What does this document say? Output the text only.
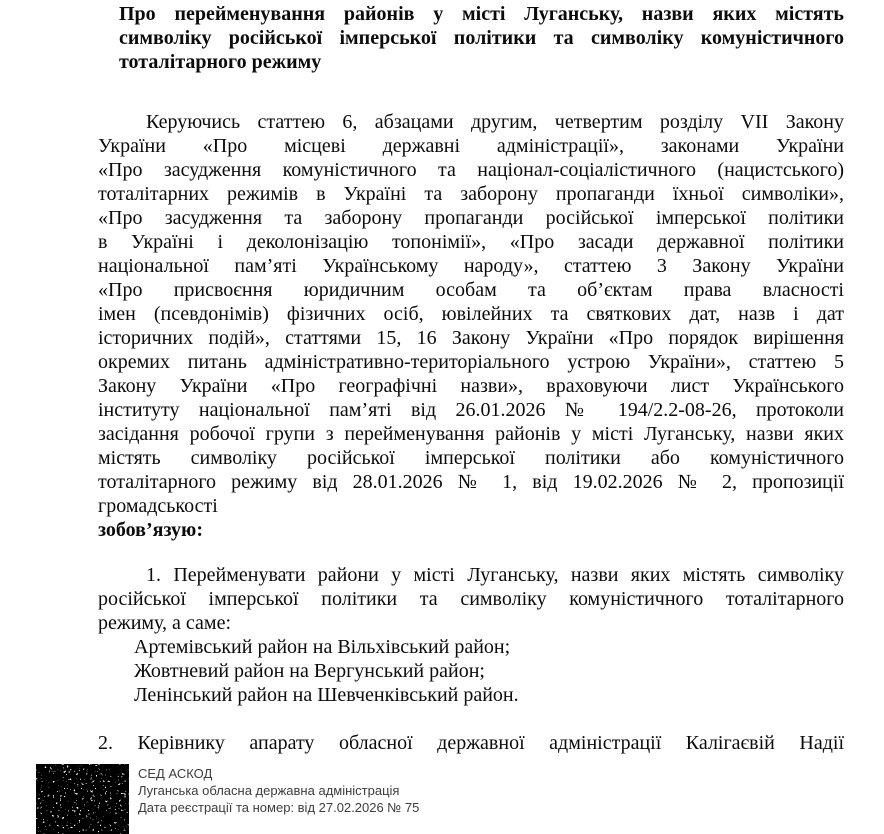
Про перейменування районів у місті Луганську, назви яких містять
символіку російської імперської політики та символіку комуністичного
тоталітарного режиму
Керуючись статтею 6, абзацами другим, четвертим розділу VII Закону
України «Про місцеві державні адміністрації», законами України
«Про засудження комуністичного та націонал-соціалістичного (нацистського)
тоталітарних режимів в Україні та заборону пропаганди їхньої символіки»,
«Про засудження та заборону пропаганди російської імперської політики
в Україні і деколонізацію топонімії», «Про засади державної політики
національної пам’яті Українському народу», статтею 3 Закону України
«Про присвоєння юридичним особам та об’єктам права власності
імен (псевдонімів) фізичних осіб, ювілейних та святкових дат, назв і дат
історичних подій», статтями 15, 16 Закону України «Про порядок вирішення
окремих питань адміністративно-територіального устрою України», статтею 5
Закону України «Про географічні назви», враховуючи лист Українського
інституту національної пам’яті від 26.01.2026 № 194/2.2-08-26, протоколи
засідання робочої групи з перейменування районів у місті Луганську, назви яких
містять символіку російської імперської політики або комуністичного
тоталітарного режиму від 28.01.2026 № 1, від 19.02.2026 № 2, пропозиції
громадськості
зобов’язую:
1. Перейменувати райони у місті Луганську, назви яких містять символіку
російської імперської політики та символіку комуністичного тоталітарного
режиму, а саме:
Артемівський район на Вільхівський район;
Жовтневий район на Вергунський район;
Ленінський район на Шевченківський район.
2. Керівнику апарату обласної державної адміністрації Калігаєвій Надії
СЕД АСКОД
Луганська обласна державна адміністрація
Дата реєстрації та номер: від 27.02.2026 № 75
